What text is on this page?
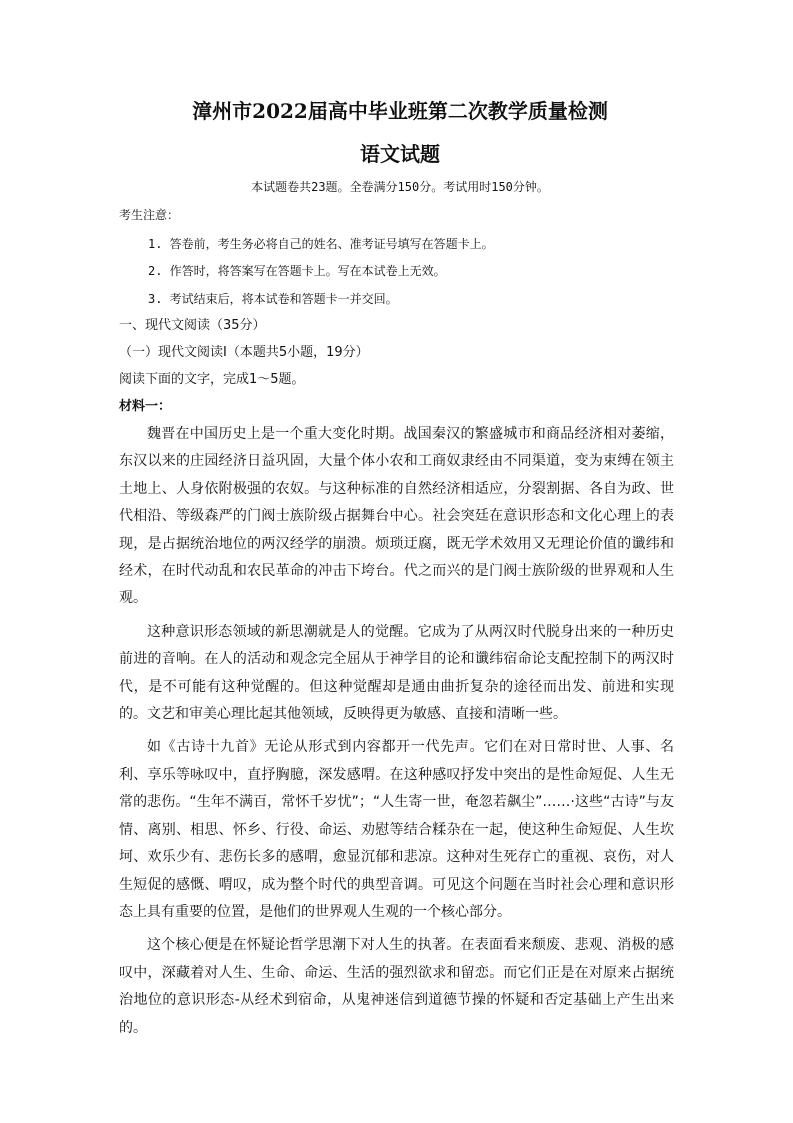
漳州市2022届高中毕业班第二次教学质量检测
语文试题
本试题卷共23题。全卷满分150分。考试用时150分钟。
考生注意：
1. 答卷前，考生务必将自己的姓名、准考证号填写在答题卡上。
2. 作答时，将答案写在答题卡上。写在本试卷上无效。
3. 考试结束后，将本试卷和答题卡一并交回。
一、现代文阅读（35分）
（一）现代文阅读Ⅰ（本题共5小题，19分）
阅读下面的文字，完成1～5题。
材料一：

魏晋在中国历史上是一个重大变化时期。战国秦汉的繁盛城市和商品经济相对萎缩，东汉以来的庄园经济日益巩固，大量个体小农和工商奴隶经由不同渠道，变为束缚在领主土地上、人身依附极强的农奴。与这种标准的自然经济相适应，分裂割据、各自为政、世代相沿、等级森严的门阀士族阶级占据舞台中心。社会突廷在意识形态和文化心理上的表现，是占据统治地位的两汉经学的崩溃。烦琐迂腐，既无学术效用又无理论价值的谶纬和经术，在时代动乱和农民革命的冲击下垮台。代之而兴的是门阀士族阶级的世界观和人生观。

这种意识形态领域的新思潮就是人的觉醒。它成为了从两汉时代脱身出来的一种历史前进的音响。在人的活动和观念完全屈从于神学目的论和谶纬宿命论支配控制下的两汉时代，是不可能有这种觉醒的。但这种觉醒却是通由曲折复杂的途径而出发、前进和实现的。文艺和审美心理比起其他领域，反映得更为敏感、直接和清晰一些。

如《古诗十九首》无论从形式到内容都开一代先声。它们在对日常时世、人事、名利、享乐等咏叹中，直抒胸臆，深发感喟。在这种感叹抒发中突出的是性命短促、人生无常的悲伤。“生年不满百，常怀千岁忧”；“人生寄一世，奄忽若飙尘”……·这些“古诗”与友情、离别、相思、怀乡、行役、命运、劝慰等结合糅杂在一起，使这种生命短促、人生坎坷、欢乐少有、悲伤长多的感喟，愈显沉郁和悲凉。这种对生死存亡的重视、哀伤，对人生短促的感慨、喟叹，成为整个时代的典型音调。可见这个问题在当时社会心理和意识形态上具有重要的位置，是他们的世界观人生观的一个核心部分。

这个核心便是在怀疑论哲学思潮下对人生的执著。在表面看来颓废、悲观、消极的感叹中，深藏着对人生、生命、命运、生活的强烈欲求和留恋。而它们正是在对原来占据统治地位的意识形态-从经术到宿命，从鬼神迷信到道德节操的怀疑和否定基础上产生出来的。
